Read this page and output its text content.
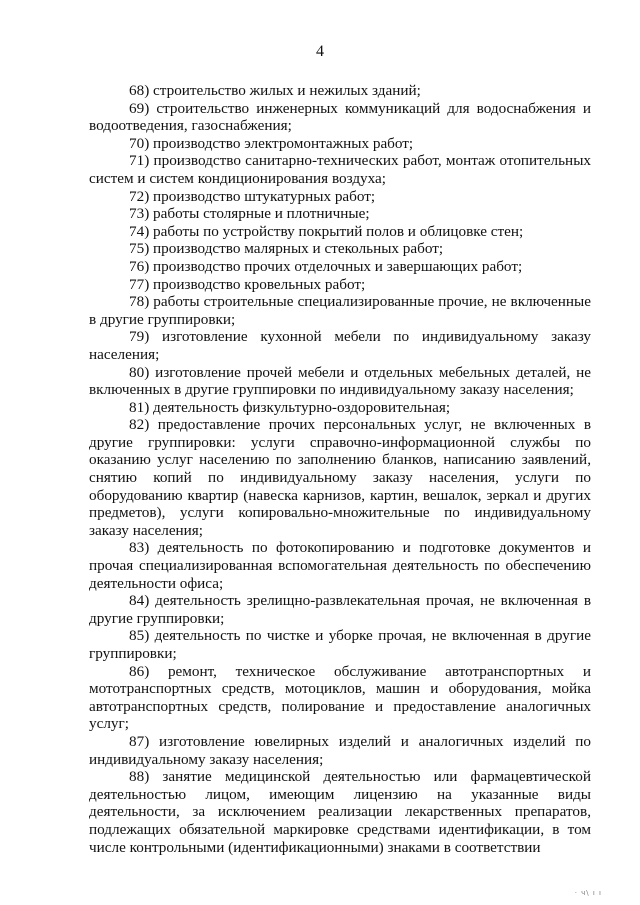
4

68) строительство жилых и нежилых зданий;

69) строительство инженерных коммуникаций для водоснабжения и водоотведения, газоснабжения;

70) производство электромонтажных работ;

71) производство санитарно-технических работ, монтаж отопительных систем и систем кондиционирования воздуха;

72) производство штукатурных работ;

73) работы столярные и плотничные;

74) работы по устройству покрытий полов и облицовке стен;

75) производство малярных и стекольных работ;

76) производство прочих отделочных и завершающих работ;

77) производство кровельных работ;

78) работы строительные специализированные прочие, не включенные в другие группировки;

79) изготовление кухонной мебели по индивидуальному заказу населения;

80) изготовление прочей мебели и отдельных мебельных деталей, не включенных в другие группировки по индивидуальному заказу населения;

81) деятельность физкультурно-оздоровительная;

82) предоставление прочих персональных услуг, не включенных в другие группировки: услуги справочно-информационной службы по оказанию услуг населению по заполнению бланков, написанию заявлений, снятию копий по индивидуальному заказу населения, услуги по оборудованию квартир (навеска карнизов, картин, вешалок, зеркал и других предметов), услуги копировально-множительные по индивидуальному заказу населения;

83) деятельность по фотокопированию и подготовке документов и прочая специализированная вспомогательная деятельность по обеспечению деятельности офиса;

84) деятельность зрелищно-развлекательная прочая, не включенная в другие группировки;

85) деятельность по чистке и уборке прочая, не включенная в другие группировки;

86) ремонт, техническое обслуживание автотранспортных и мототранспортных средств, мотоциклов, машин и оборудования, мойка автотранспортных средств, полирование и предоставление аналогичных услуг;

87) изготовление ювелирных изделий и аналогичных изделий по индивидуальному заказу населения;

88) занятие медицинской деятельностью или фармацевтической деятельностью лицом, имеющим лицензию на указанные виды деятельности, за исключением реализации лекарственных препаратов, подлежащих обязательной маркировке средствами идентификации, в том числе контрольными (идентификационными) знаками в соответствии

· ч\ ı ı
